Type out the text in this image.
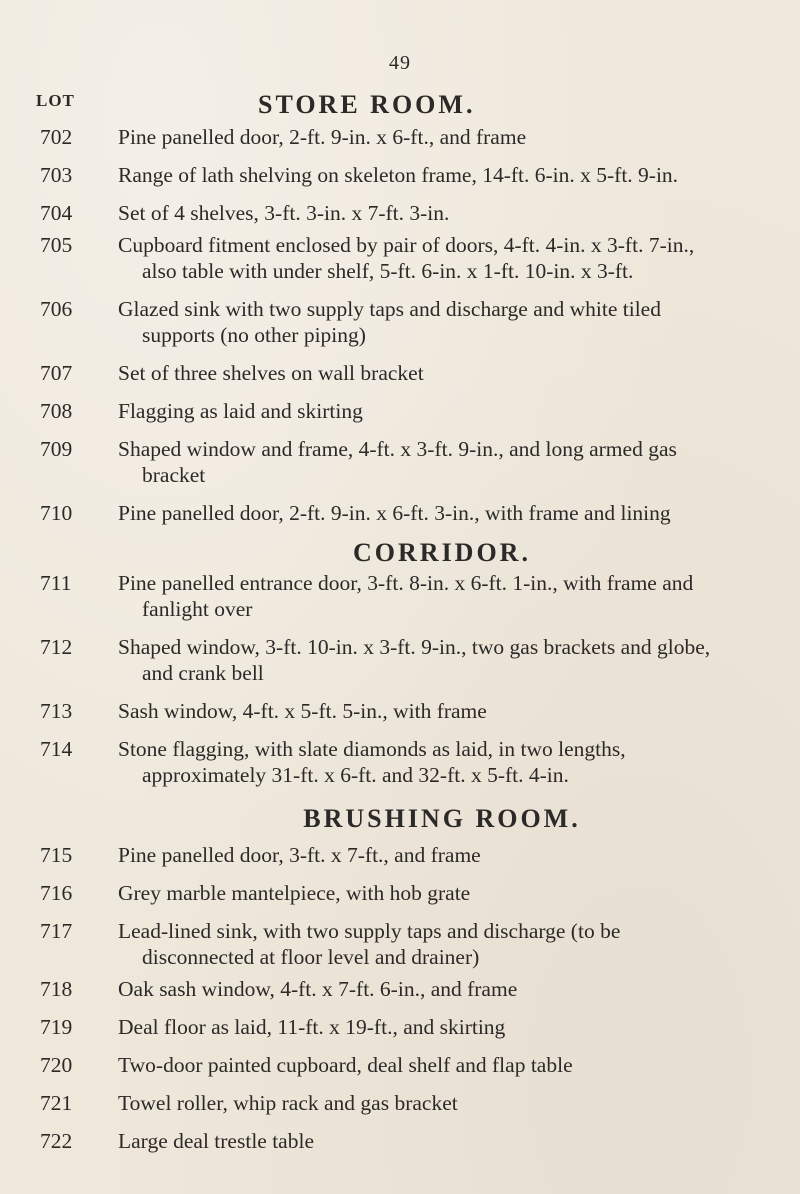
49
LOT	STORE ROOM.
702	Pine panelled door, 2-ft. 9-in. x 6-ft., and frame
703	Range of lath shelving on skeleton frame, 14-ft. 6-in. x 5-ft. 9-in.
704	Set of 4 shelves, 3-ft. 3-in. x 7-ft. 3-in.
705	Cupboard fitment enclosed by pair of doors, 4-ft. 4-in. x 3-ft. 7-in., also table with under shelf, 5-ft. 6-in. x 1-ft. 10-in. x 3-ft.
706	Glazed sink with two supply taps and discharge and white tiled supports (no other piping)
707	Set of three shelves on wall bracket
708	Flagging as laid and skirting
709	Shaped window and frame, 4-ft. x 3-ft. 9-in., and long armed gas bracket
710	Pine panelled door, 2-ft. 9-in. x 6-ft. 3-in., with frame and lining
CORRIDOR.
711	Pine panelled entrance door, 3-ft. 8-in. x 6-ft. 1-in., with frame and fanlight over
712	Shaped window, 3-ft. 10-in. x 3-ft. 9-in., two gas brackets and globe, and crank bell
713	Sash window, 4-ft. x 5-ft. 5-in., with frame
714	Stone flagging, with slate diamonds as laid, in two lengths, approximately 31-ft. x 6-ft. and 32-ft. x 5-ft. 4-in.
BRUSHING ROOM.
715	Pine panelled door, 3-ft. x 7-ft., and frame
716	Grey marble mantelpiece, with hob grate
717	Lead-lined sink, with two supply taps and discharge (to be disconnected at floor level and drainer)
718	Oak sash window, 4-ft. x 7-ft. 6-in., and frame
719	Deal floor as laid, 11-ft. x 19-ft., and skirting
720	Two-door painted cupboard, deal shelf and flap table
721	Towel roller, whip rack and gas bracket
722	Large deal trestle table
